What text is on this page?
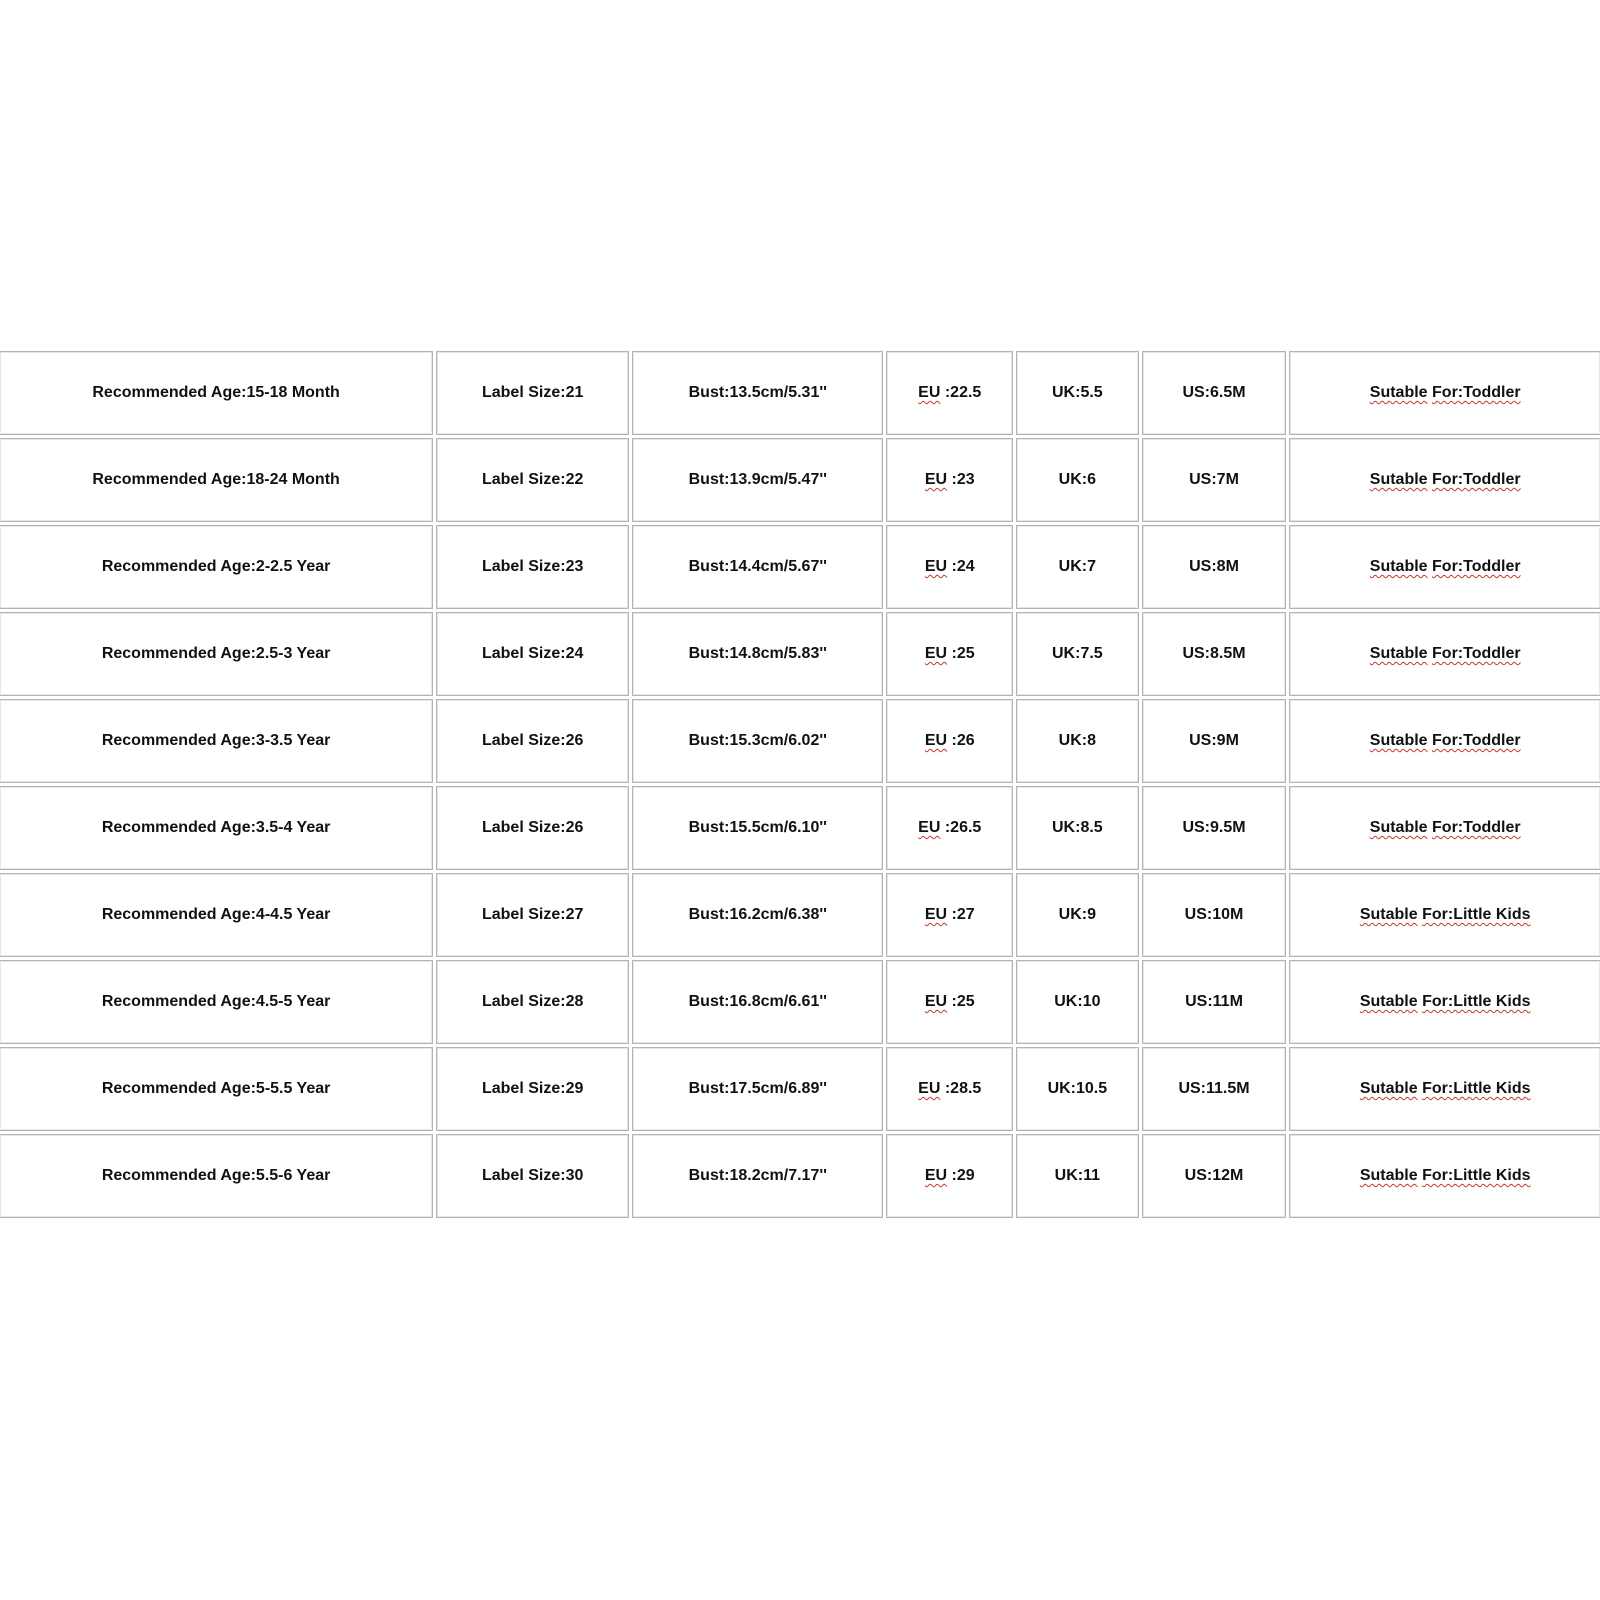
Recommended Age:15-18 Month	Label Size:21	Bust:13.5cm/5.31''	EU :22.5	UK:5.5	US:6.5M	Sutable For:Toddler
Recommended Age:18-24 Month	Label Size:22	Bust:13.9cm/5.47''	EU :23	UK:6	US:7M	Sutable For:Toddler
Recommended Age:2-2.5 Year	Label Size:23	Bust:14.4cm/5.67''	EU :24	UK:7	US:8M	Sutable For:Toddler
Recommended Age:2.5-3 Year	Label Size:24	Bust:14.8cm/5.83''	EU :25	UK:7.5	US:8.5M	Sutable For:Toddler
Recommended Age:3-3.5 Year	Label Size:26	Bust:15.3cm/6.02''	EU :26	UK:8	US:9M	Sutable For:Toddler
Recommended Age:3.5-4 Year	Label Size:26	Bust:15.5cm/6.10''	EU :26.5	UK:8.5	US:9.5M	Sutable For:Toddler
Recommended Age:4-4.5 Year	Label Size:27	Bust:16.2cm/6.38''	EU :27	UK:9	US:10M	Sutable For:Little Kids
Recommended Age:4.5-5 Year	Label Size:28	Bust:16.8cm/6.61''	EU :25	UK:10	US:11M	Sutable For:Little Kids
Recommended Age:5-5.5 Year	Label Size:29	Bust:17.5cm/6.89''	EU :28.5	UK:10.5	US:11.5M	Sutable For:Little Kids
Recommended Age:5.5-6 Year	Label Size:30	Bust:18.2cm/7.17''	EU :29	UK:11	US:12M	Sutable For:Little Kids
